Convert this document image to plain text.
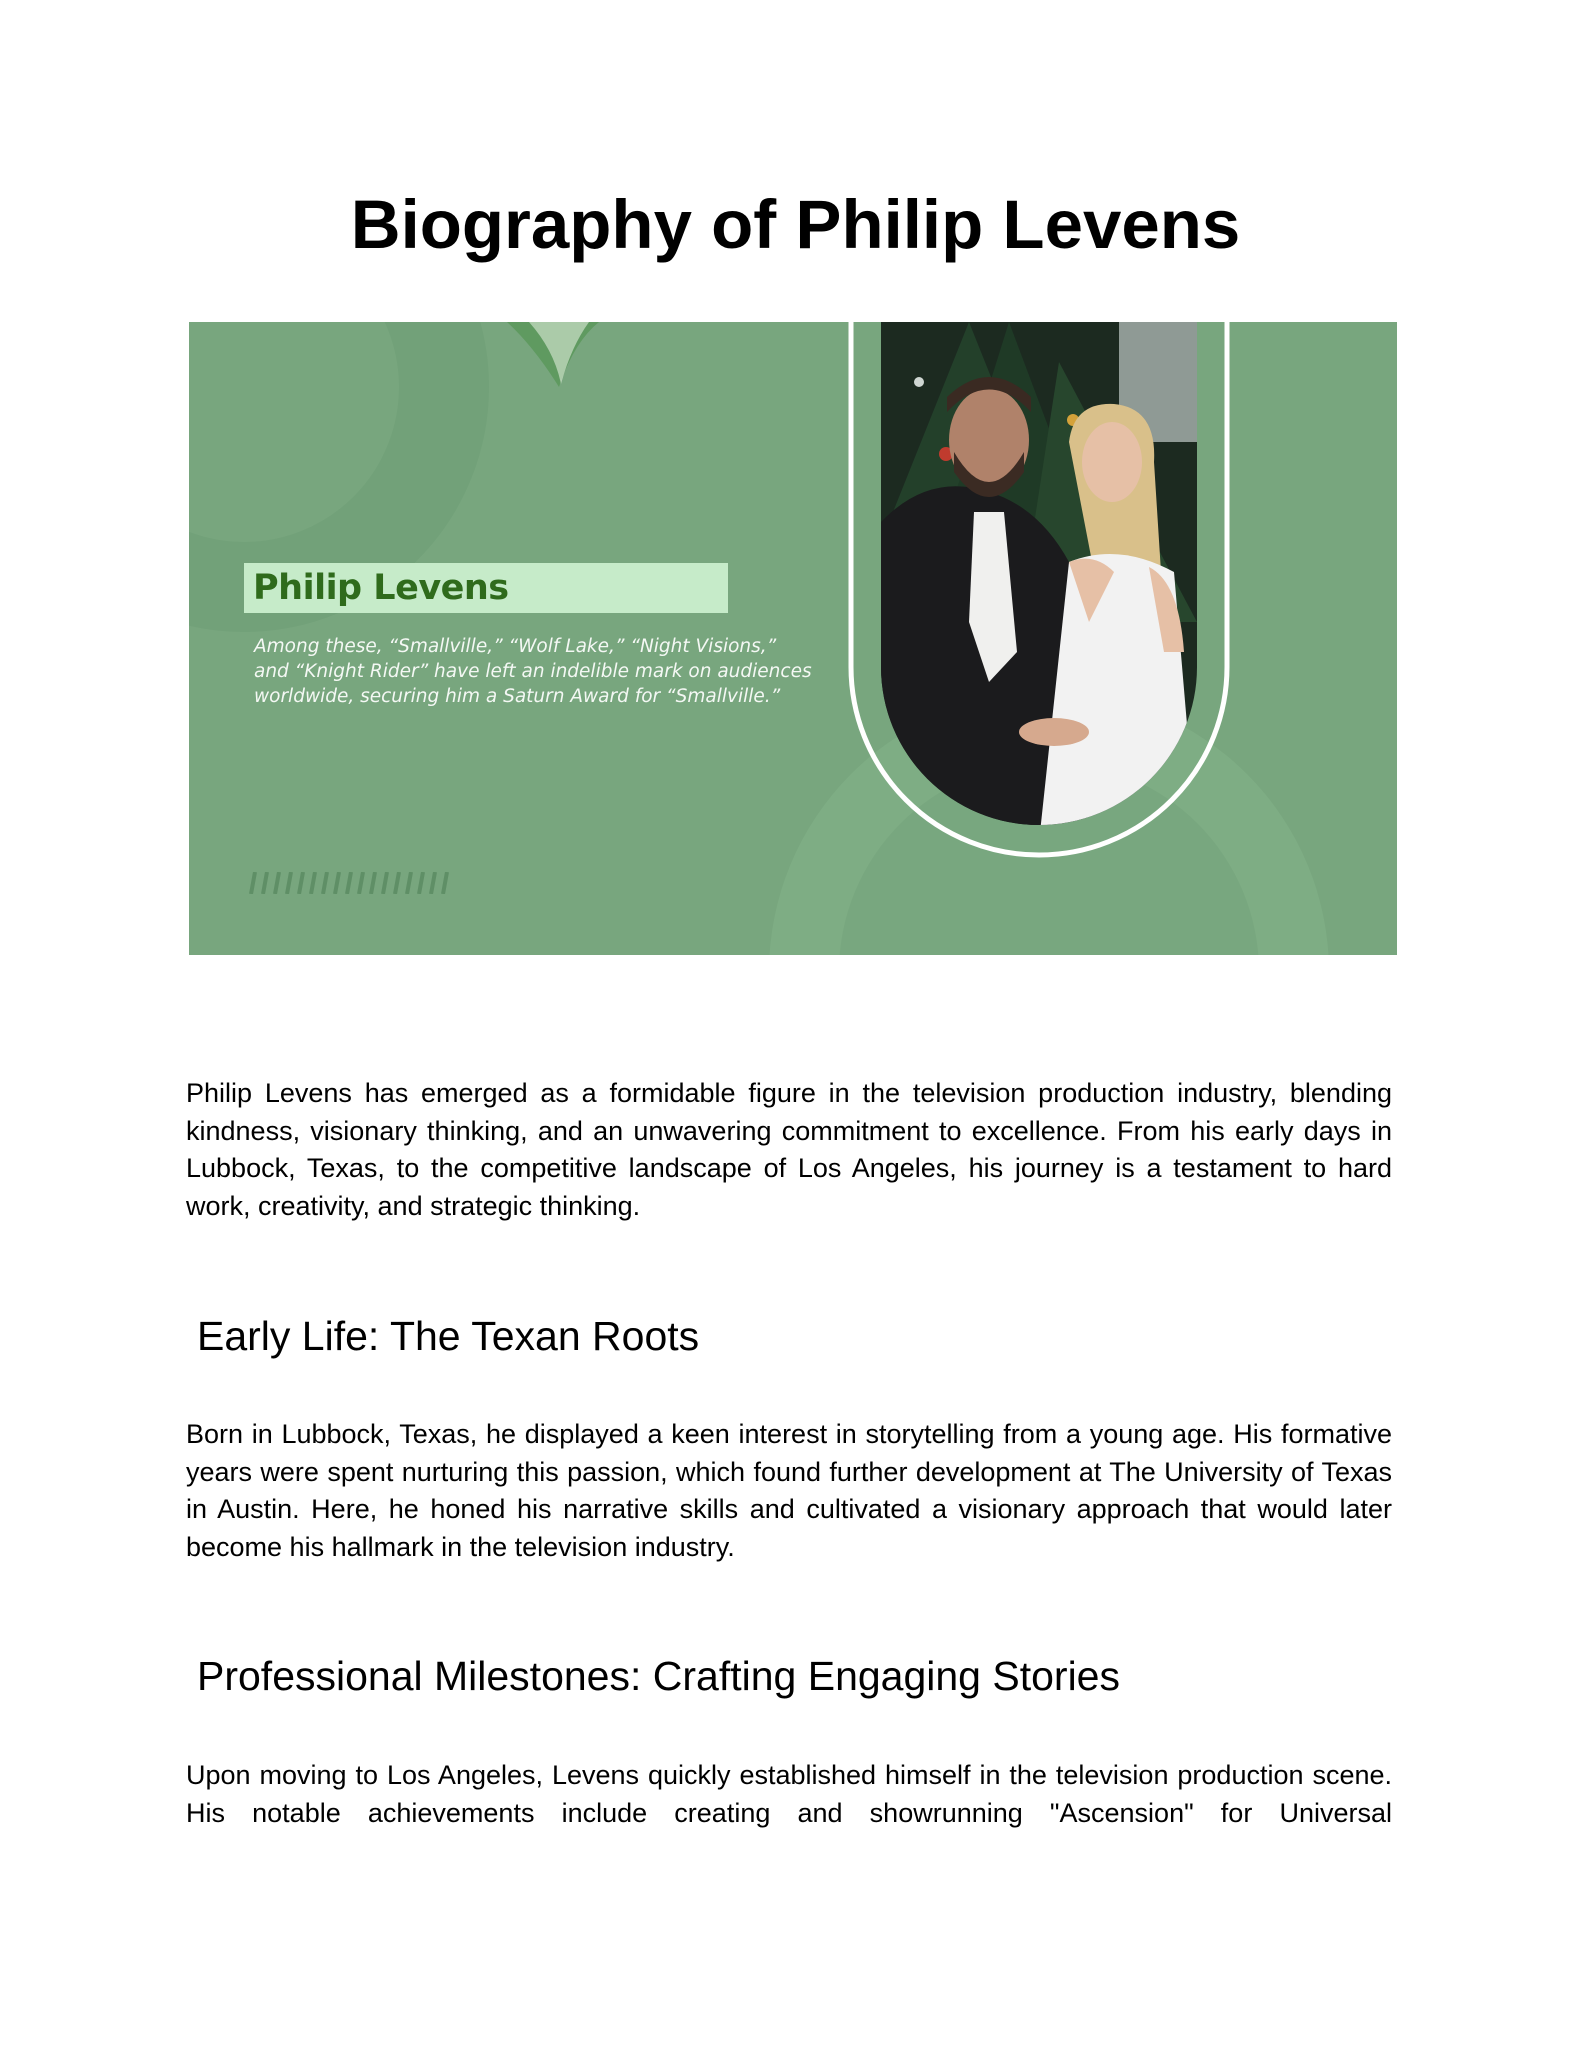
Biography of Philip Levens
Philip Levens

Among these, “Smallville,” “Wolf Lake,” “Night Visions,” and “Knight Rider” have left an indelible mark on audiences worldwide, securing him a Saturn Award for “Smallville.”

Philip Levens has emerged as a formidable figure in the television production industry, blending kindness, visionary thinking, and an unwavering commitment to excellence. From his early days in Lubbock, Texas, to the competitive landscape of Los Angeles, his journey is a testament to hard work, creativity, and strategic thinking.

Early Life: The Texan Roots

Born in Lubbock, Texas, he displayed a keen interest in storytelling from a young age. His formative years were spent nurturing this passion, which found further development at The University of Texas in Austin. Here, he honed his narrative skills and cultivated a visionary approach that would later become his hallmark in the television industry.

Professional Milestones: Crafting Engaging Stories

Upon moving to Los Angeles, Levens quickly established himself in the television production scene. His notable achievements include creating and showrunning "Ascension" for Universal
